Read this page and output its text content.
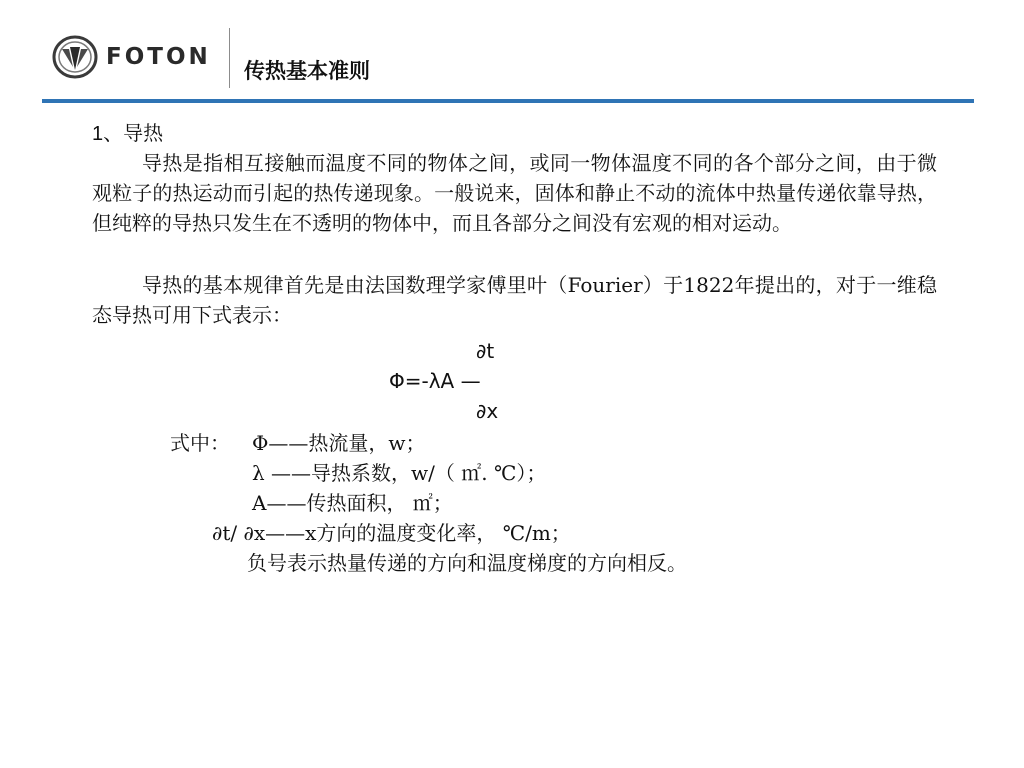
FOTON
传热基本准则
1、导热
导热是指相互接触而温度不同的物体之间，或同一物体温度不同的各个部分之间，由于微观粒子的热运动而引起的热传递现象。一般说来，固体和静止不动的流体中热量传递依靠导热，但纯粹的导热只发生在不透明的物体中，而且各部分之间没有宏观的相对运动。
导热的基本规律首先是由法国数理学家傅里叶（Fourier）于1822年提出的，对于一维稳态导热可用下式表示：
∂t
Φ=-λA —
∂x
式中： Φ——热流量，w；
λ ——导热系数，w/（ ㎡. ℃）；
A——传热面积， ㎡；
∂t/ ∂x——x方向的温度变化率， ℃/m；
负号表示热量传递的方向和温度梯度的方向相反。
